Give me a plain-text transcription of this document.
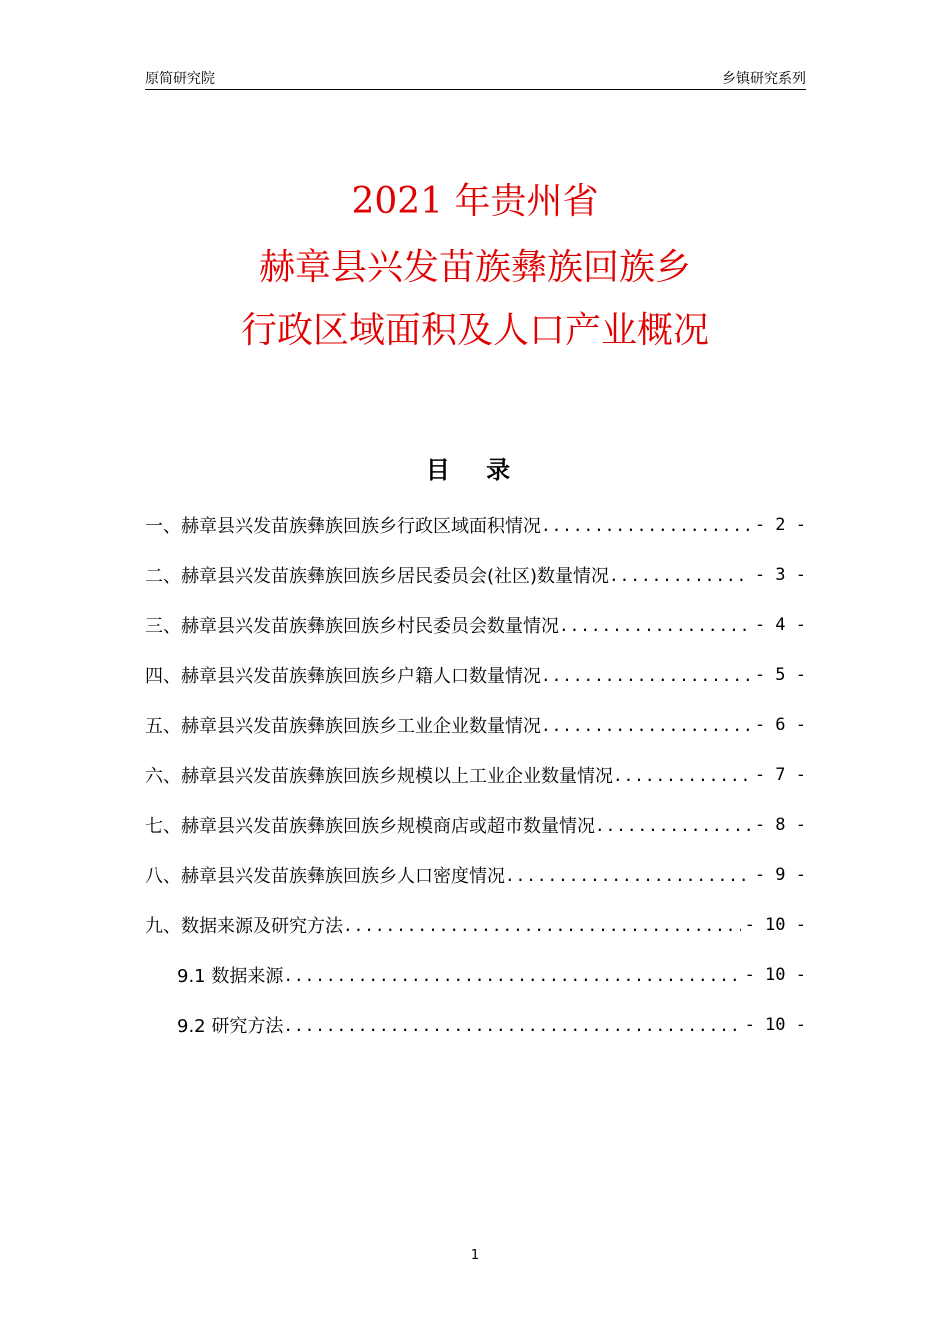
原简研究院	乡镇研究系列
2021 年贵州省
赫章县兴发苗族彝族回族乡
行政区域面积及人口产业概况
目 录
一、赫章县兴发苗族彝族回族乡行政区域面积情况 .....	- 2 -
二、赫章县兴发苗族彝族回族乡居民委员会(社区)数量情况 .....	- 3 -
三、赫章县兴发苗族彝族回族乡村民委员会数量情况 .....	- 4 -
四、赫章县兴发苗族彝族回族乡户籍人口数量情况 .....	- 5 -
五、赫章县兴发苗族彝族回族乡工业企业数量情况 .....	- 6 -
六、赫章县兴发苗族彝族回族乡规模以上工业企业数量情况 .....	- 7 -
七、赫章县兴发苗族彝族回族乡规模商店或超市数量情况 .....	- 8 -
八、赫章县兴发苗族彝族回族乡人口密度情况 .....	- 9 -
九、数据来源及研究方法 .....	- 10 -
9.1 数据来源 .....	- 10 -
9.2 研究方法 .....	- 10 -
1
